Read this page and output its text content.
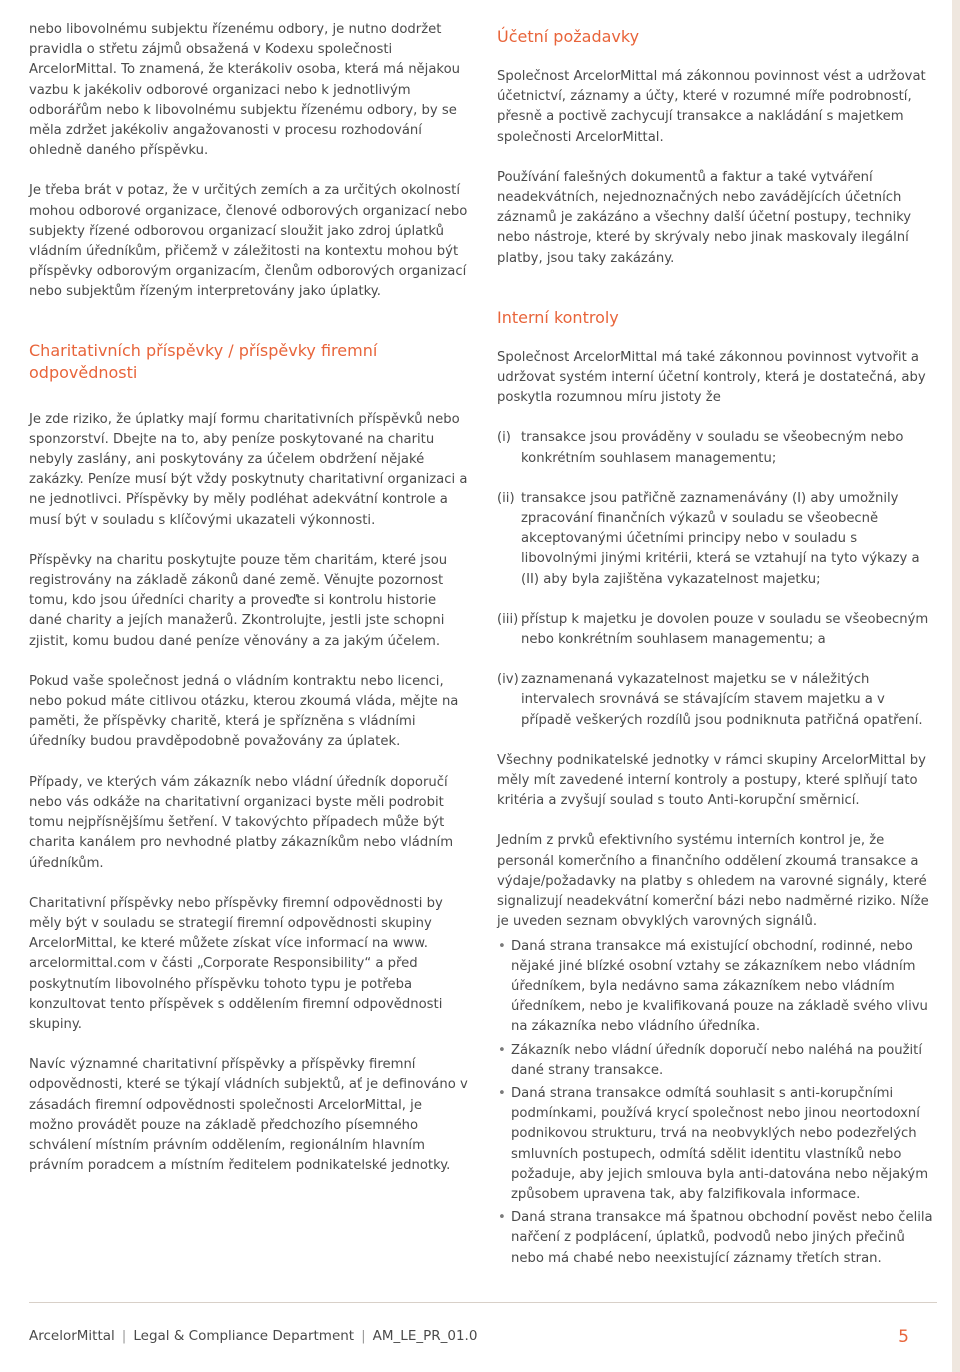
nebo libovolnému subjektu řízenému odbory, je nutno dodržet pravidla o střetu zájmů obsažená v Kodexu společnosti ArcelorMittal. To znamená, že kterákoliv osoba, která má nějakou vazbu k jakékoliv odborové organizaci nebo k jednotlivým odborářům nebo k libovolnému subjektu řízenému odbory, by se měla zdržet jakékoliv angažovanosti v procesu rozhodování ohledně daného příspěvku.

Je třeba brát v potaz, že v určitých zemích a za určitých okolností mohou odborové organizace, členové odborových organizací nebo subjekty řízené odborovou organizací sloužit jako zdroj úplatků vládním úředníkům, přičemž v záležitosti na kontextu mohou být příspěvky odborovým organizacím, členům odborových organizací nebo subjektům řízeným interpretovány jako úplatky.

Charitativních příspěvky / příspěvky firemní odpovědnosti

Je zde riziko, že úplatky mají formu charitativních příspěvků nebo sponzorství. Dbejte na to, aby peníze poskytované na charitu nebyly zaslány, ani poskytovány za účelem obdržení nějaké zakázky. Peníze musí být vždy poskytnuty charitativní organizaci a ne jednotlivci. Příspěvky by měly podléhat adekvátní kontrole a musí být v souladu s klíčovými ukazateli výkonnosti.

Příspěvky na charitu poskytujte pouze těm charitám, které jsou registrovány na základě zákonů dané země. Věnujte pozornost tomu, kdo jsou úředníci charity a proveďte si kontrolu historie dané charity a jejích manažerů. Zkontrolujte, jestli jste schopni zjistit, komu budou dané peníze věnovány a za jakým účelem.

Pokud vaše společnost jedná o vládním kontraktu nebo licenci, nebo pokud máte citlivou otázku, kterou zkoumá vláda, mějte na paměti, že příspěvky charitě, která je spřízněna s vládními úředníky budou pravděpodobně považovány za úplatek.

Případy, ve kterých vám zákazník nebo vládní úředník doporučí nebo vás odkáže na charitativní organizaci byste měli podrobit tomu nejpřísnějšímu šetření. V takovýchto případech může být charita kanálem pro nevhodné platby zákazníkům nebo vládním úředníkům.

Charitativní příspěvky nebo příspěvky firemní odpovědnosti by měly být v souladu se strategií firemní odpovědnosti skupiny ArcelorMittal, ke které můžete získat více informací na www. arcelormittal.com v části „Corporate Responsibility“ a před poskytnutím libovolného příspěvku tohoto typu je potřeba konzultovat tento příspěvek s oddělením firemní odpovědnosti skupiny.

Navíc významné charitativní příspěvky a příspěvky firemní odpovědnosti, které se týkají vládních subjektů, ať je definováno v zásadách firemní odpovědnosti společnosti ArcelorMittal, je možno provádět pouze na základě předchozího písemného schválení místním právním oddělením, regionálním hlavním právním poradcem a místním ředitelem podnikatelské jednotky.

Účetní požadavky

Společnost ArcelorMittal má zákonnou povinnost vést a udržovat účetnictví, záznamy a účty, které v rozumné míře podrobností, přesně a poctivě zachycují transakce a nakládání s majetkem společnosti ArcelorMittal.

Používání falešných dokumentů a faktur a také vytváření neadekvátních, nejednoznačných nebo zavádějících účetních záznamů je zakázáno a všechny další účetní postupy, techniky nebo nástroje, které by skrývaly nebo jinak maskovaly ilegální platby, jsou taky zakázány.

Interní kontroly

Společnost ArcelorMittal má také zákonnou povinnost vytvořit a udržovat systém interní účetní kontroly, která je dostatečná, aby poskytla rozumnou míru jistoty že

(i) transakce jsou prováděny v souladu se všeobecným nebo konkrétním souhlasem managementu;
(ii) transakce jsou patřičně zaznamenávány (I) aby umožnily zpracování finančních výkazů v souladu se všeobecně akceptovanými účetními principy nebo v souladu s libovolnými jinými kritérii, která se vztahují na tyto výkazy a (II) aby byla zajištěna vykazatelnost majetku;
(iii) přístup k majetku je dovolen pouze v souladu se všeobecným nebo konkrétním souhlasem managementu; a
(iv) zaznamenaná vykazatelnost majetku se v náležitých intervalech srovnává se stávajícím stavem majetku a v případě veškerých rozdílů jsou podniknuta patřičná opatření.

Všechny podnikatelské jednotky v rámci skupiny ArcelorMittal by měly mít zavedené interní kontroly a postupy, které splňují tato kritéria a zvyšují soulad s touto Anti-korupční směrnicí.

Jedním z prvků efektivního systému interních kontrol je, že personál komerčního a finančního oddělení zkoumá transakce a výdaje/požadavky na platby s ohledem na varovné signály, které signalizují neadekvátní komerční bázi nebo nadměrné riziko. Níže je uveden seznam obvyklých varovných signálů.

• Daná strana transakce má existující obchodní, rodinné, nebo nějaké jiné blízké osobní vztahy se zákazníkem nebo vládním úředníkem, byla nedávno sama zákazníkem nebo vládním úředníkem, nebo je kvalifikovaná pouze na základě svého vlivu na zákazníka nebo vládního úředníka.
• Zákazník nebo vládní úředník doporučí nebo naléhá na použití dané strany transakce.
• Daná strana transakce odmítá souhlasit s anti-korupčními podmínkami, používá krycí společnost nebo jinou neortodoxní podnikovou strukturu, trvá na neobvyklých nebo podezřelých smluvních postupech, odmítá sdělit identitu vlastníků nebo požaduje, aby jejich smlouva byla anti-datována nebo nějakým způsobem upravena tak, aby falzifikovala informace.
• Daná strana transakce má špatnou obchodní pověst nebo čelila nařčení z podplácení, úplatků, podvodů nebo jiných přečinů nebo má chabé nebo neexistující záznamy třetích stran.
ArcelorMittal | Legal & Compliance Department | AM_LE_PR_01.0	5
